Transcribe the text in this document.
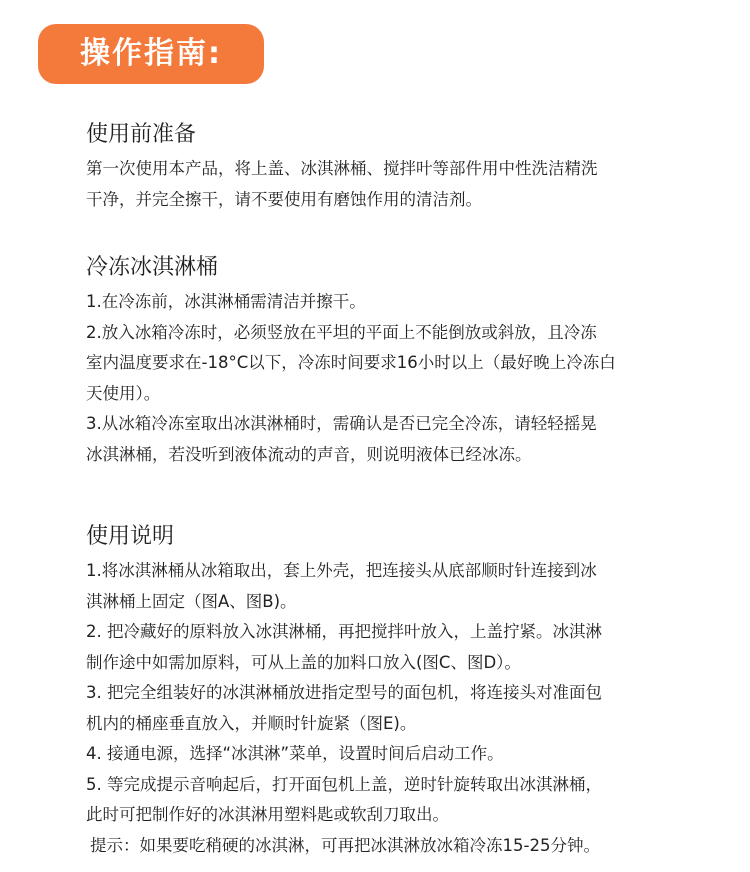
操作指南:
使用前准备

第一次使用本产品，将上盖、冰淇淋桶、搅拌叶等部件用中性洗洁精洗

干净，并完全擦干，请不要使用有磨蚀作用的清洁剂。

冷冻冰淇淋桶

1.在冷冻前，冰淇淋桶需清洁并擦干。

2.放入冰箱冷冻时，必须竖放在平坦的平面上不能倒放或斜放，且冷冻

室内温度要求在-18°C以下，冷冻时间要求16小时以上（最好晚上冷冻白

天使用）。

3.从冰箱冷冻室取出冰淇淋桶时，需确认是否已完全冷冻，请轻轻摇晃

冰淇淋桶，若没听到液体流动的声音，则说明液体已经冰冻。

使用说明

1.将冰淇淋桶从冰箱取出，套上外壳，把连接头从底部顺时针连接到冰

淇淋桶上固定（图A、图B)。

2. 把冷藏好的原料放入冰淇淋桶，再把搅拌叶放入，上盖拧紧。冰淇淋

制作途中如需加原料，可从上盖的加料口放入(图C、图D）。

3. 把完全组装好的冰淇淋桶放进指定型号的面包机，将连接头对准面包

机内的桶座垂直放入，并顺时针旋紧（图E)。

4. 接通电源，选择“冰淇淋”菜单，设置时间后启动工作。

5. 等完成提示音响起后，打开面包机上盖，逆时针旋转取出冰淇淋桶，

此时可把制作好的冰淇淋用塑料匙或软刮刀取出。

提示：如果要吃稍硬的冰淇淋，可再把冰淇淋放冰箱冷冻15-25分钟。
